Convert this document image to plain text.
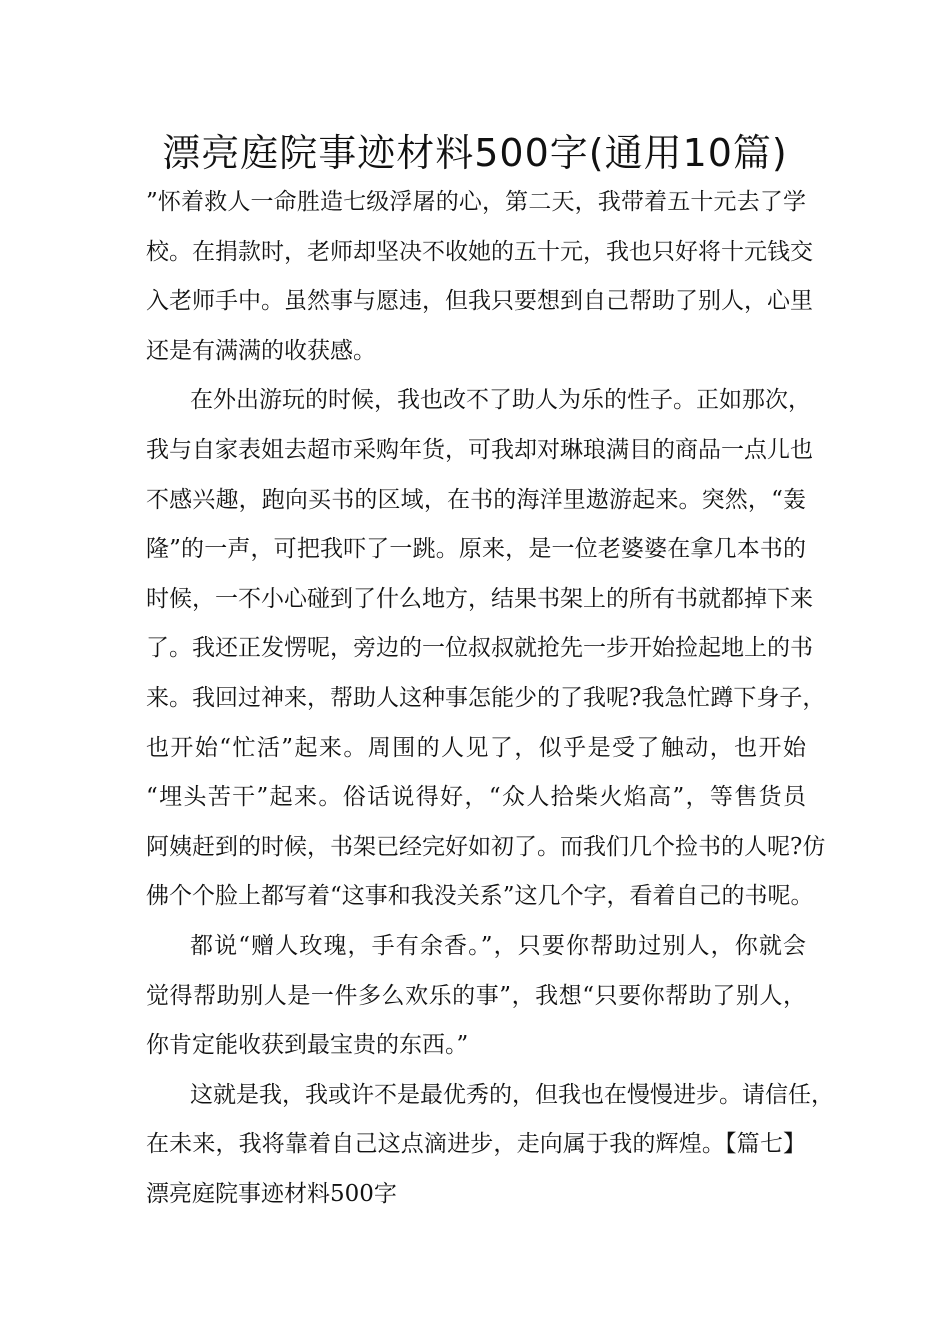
漂亮庭院事迹材料500字(通用10篇)
”怀着救人一命胜造七级浮屠的心，第二天，我带着五十元去了学
校。在捐款时，老师却坚决不收她的五十元，我也只好将十元钱交
入老师手中。虽然事与愿违，但我只要想到自己帮助了别人，心里
还是有满满的收获感。
在外出游玩的时候，我也改不了助人为乐的性子。正如那次，
我与自家表姐去超市采购年货，可我却对琳琅满目的商品一点儿也
不感兴趣，跑向买书的区域，在书的海洋里遨游起来。突然，“轰
隆”的一声，可把我吓了一跳。原来，是一位老婆婆在拿几本书的
时候，一不小心碰到了什么地方，结果书架上的所有书就都掉下来
了。我还正发愣呢，旁边的一位叔叔就抢先一步开始捡起地上的书
来。我回过神来，帮助人这种事怎能少的了我呢?我急忙蹲下身子，
也开始“忙活”起来。周围的人见了，似乎是受了触动，也开始
“埋头苦干”起来。俗话说得好，“众人拾柴火焰高”，等售货员
阿姨赶到的时候，书架已经完好如初了。而我们几个捡书的人呢?仿
佛个个脸上都写着“这事和我没关系”这几个字，看着自己的书呢。
都说“赠人玫瑰，手有余香。”，只要你帮助过别人，你就会
觉得帮助别人是一件多么欢乐的事”，我想“只要你帮助了别人，
你肯定能收获到最宝贵的东西。”
这就是我，我或许不是最优秀的，但我也在慢慢进步。请信任，
在未来，我将靠着自己这点滴进步，走向属于我的辉煌。【篇七】
漂亮庭院事迹材料500字
